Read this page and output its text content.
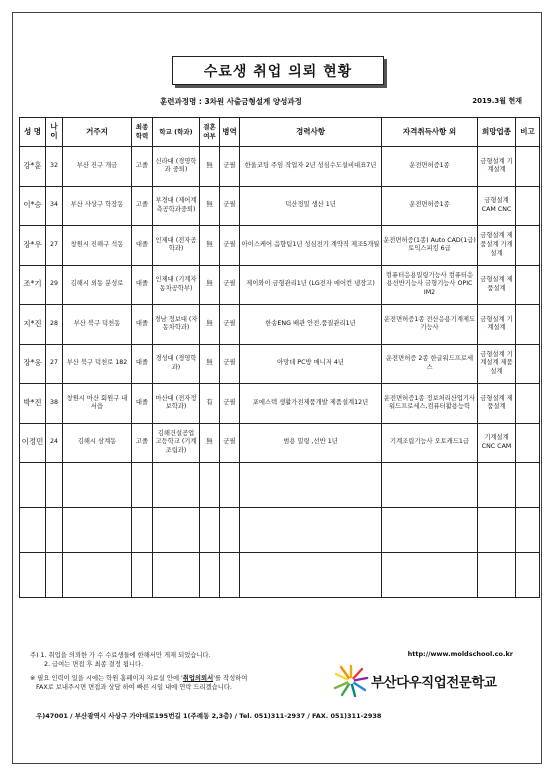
수료생 취업 의뢰 현황
훈련과정명 : 3차원 사출금형설계 양성과정	2019.3월 현재
성 명	나이	거주지	최종 학력	학교 (학과)	결혼 여부	병역	경력사항	자격취득사항 외	희망업종	비고
강*훈	32	부산 진구 개금	고졸	신라대 (경영학과 중퇴)	無	군필	한울코팅 주임 작업자 2년 성심수도설비대표7년	운전면허증1종	금형설계 기계설계	
이*승	34	부산 사상구 학장동	고졸	부경대 (제어계측공학과중퇴)	無	군필	덕산정밀 생산 1년	운전면허증1종	금형설계 CAM CNC	
장*우	27	창원시 진해구 석동	대졸	인제대 (전자공학과)	無	군필	아이스케어 음향팀1년 성심전기 계약직 제조5개월	운전면허증(1종) Auto CAD(1급) 토익스피킹 6급	금형설계 제품설계 기계설계	
조*기	29	김해시 외동 분성로	대졸	인제대 (기계자동차공학부)	無	군필	제이와이 금형관리1년 (LG전자 에어컨 냉장고)	컴퓨터응용밀링기능사 컴퓨터응용선반기능사 금형기능사 OPIC IM2	금형설계 제품설계	
지*진	28	부산 북구 덕천동	대졸	경남 정보대 (자동차학과)	無	군필	한송ENG 배관 안전.품질관리1년	운전면허증1종 전산응용기계제도기능사	금형설계 기계설계	
장*웅	27	부산 북구 덕천로 182	대졸	경성대 (경영학과)	無	군필	아망데 PC방 매니저 4년	운전면허증 2종 한글워드프로세스	금형설계 기계설계 제품설계	
박*진	38	창원시 마산 회원구 내서읍	대졸	마산대 (전자정보학과)	有	군필	포에스텍 생활가전제품개발 제품설계12년	운전면허증1종 정보처리산업기사 워드프로세스,컴퓨터활용능력	금형설계 제품설계	
이정민	24	김해시 삼계동	고졸	김해건설공업 고등학교 (기계조립과)	無	군필	범용 밀링 ,선반 1년	기계조립기능사 오토캐드1급	기계설계 CNC CAM	

주) 1. 취업을 의뢰한 가 수 수료생들에 한해서만 게재 되었습니다.
2. 급여는 면접 후 최종 결정 됩니다.
※ 필요 인력이 있을 시에는 학원 홈페이지 자료실 안에 '취업의뢰서'를 작성하여
FAX로 보내주시면 면접과 상담 하여 빠른 시일 내에 연락 드리겠습니다.
http://www.moldschool.co.kr
부산다우직업전문학교
우)47001 / 부산광역시 사상구 가야대로195번길 1(주례동 2,3층) / Tel. 051)311-2937 / FAX. 051)311-2938
